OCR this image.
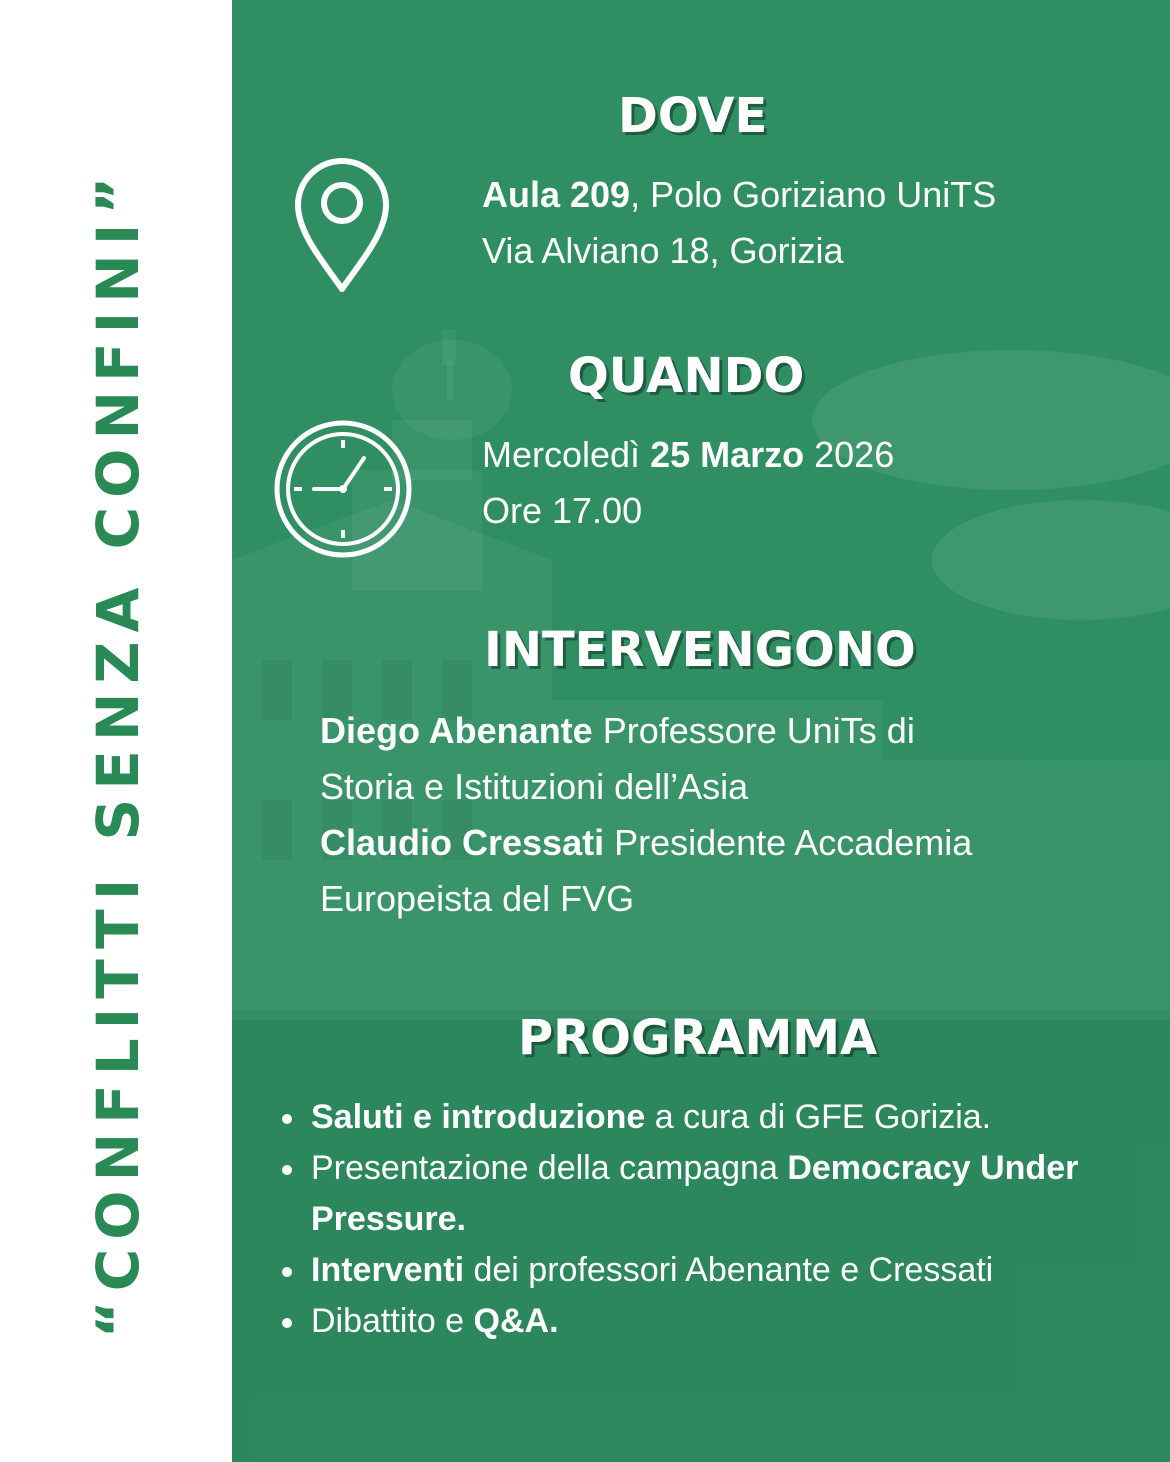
“CONFLITTI SENZA CONFINI”
DOVE
Aula 209, Polo Goriziano UniTS
Via Alviano 18, Gorizia
QUANDO
Mercoledì 25 Marzo 2026
Ore 17.00
INTERVENGONO
Diego Abenante Professore UniTs di
Storia e Istituzioni dell’Asia
Claudio Cressati Presidente Accademia
Europeista del FVG
PROGRAMMA
Saluti e introduzione a cura di GFE Gorizia.
Presentazione della campagna Democracy Under Pressure.
Interventi dei professori Abenante e Cressati
Dibattito e Q&A.
